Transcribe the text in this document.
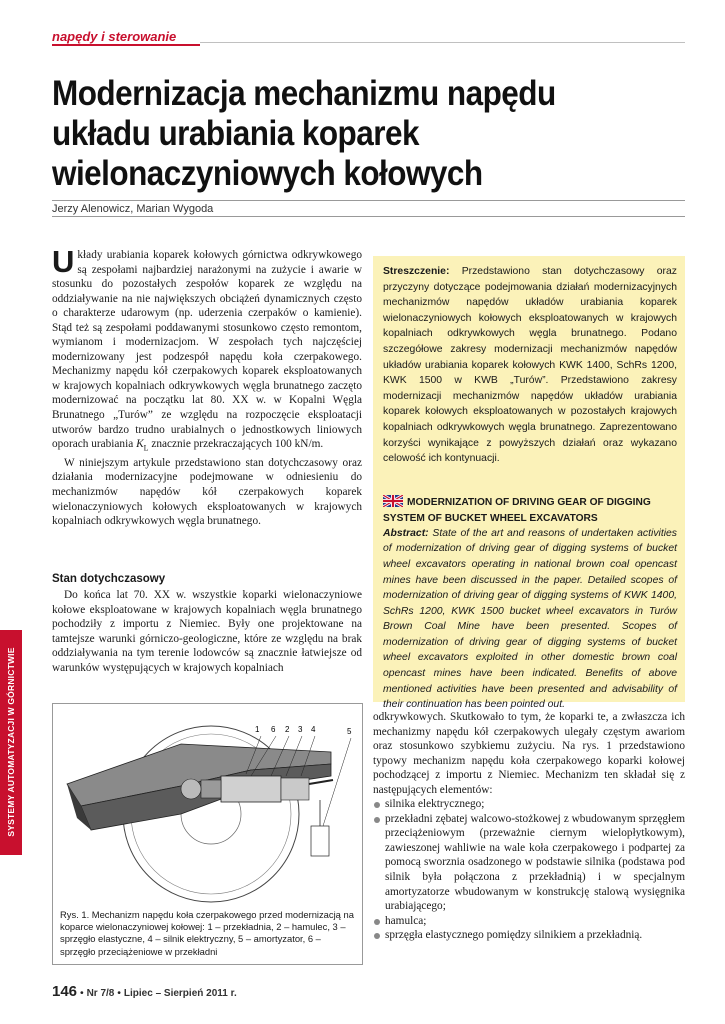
napędy i sterowanie
Modernizacja mechanizmu napędu
układu urabiania koparek
wielonaczyniowych kołowych
Jerzy Alenowicz, Marian Wygoda

Układy urabiania koparek kołowych górnictwa odkrywkowego są zespołami najbardziej narażonymi na zużycie i awarie w stosunku do pozostałych zespołów koparek ze względu na oddziaływanie na nie największych obciążeń dynamicznych często o charakterze udarowym (np. uderzenia czerpaków o kamienie). Stąd też są zespołami poddawanymi stosunkowo często remontom, wymianom i modernizacjom. W zespołach tych najczęściej modernizowany jest podzespół napędu koła czerpakowego. Mechanizmy napędu kół czerpakowych koparek eksploatowanych w krajowych kopalniach odkrywkowych węgla brunatnego zaczęto modernizować na początku lat 80. XX w. w Kopalni Węgla Brunatnego „Turów” ze względu na rozpoczęcie eksploatacji utworów bardzo trudno urabialnych o jednostkowych liniowych oporach urabiania $K_L$ znacznie przekraczających 100 kN/m.

W niniejszym artykule przedstawiono stan dotychczasowy oraz działania modernizacyjne podejmowane w odniesieniu do mechanizmów napędów kół czerpakowych koparek wielonaczyniowych kołowych eksploatowanych w krajowych kopalniach odkrywkowych węgla brunatnego.

Stan dotychczasowy

Do końca lat 70. XX w. wszystkie koparki wielonaczyniowe kołowe eksploatowane w krajowych kopalniach węgla brunatnego pochodziły z importu z Niemiec. Były one projektowane na tamtejsze warunki górniczo-geologiczne, które ze względu na brak oddziaływania na tym terenie lodowców są znacznie łatwiejsze od warunków występujących w krajowych kopalniach

Streszczenie: Przedstawiono stan dotychczasowy oraz przyczyny dotyczące podejmowania działań modernizacyjnych mechanizmów napędów układów urabiania koparek wielonaczyniowych kołowych eksploatowanych w krajowych kopalniach odkrywkowych węgla brunatnego. Podano szczegółowe zakresy modernizacji mechanizmów napędów układów urabiania koparek kołowych KWK 1400, SchRs 1200, KWK 1500 w KWB „Turów”. Przedstawiono zakresy modernizacji mechanizmów napędów układów urabiania koparek kołowych eksploatowanych w pozostałych krajowych kopalniach odkrywkowych węgla brunatnego. Zaprezentowano korzyści wynikające z powyższych działań oraz wykazano celowość ich kontynuacji.
MODERNIZATION OF DRIVING GEAR OF DIGGING
SYSTEM OF BUCKET WHEEL EXCAVATORS
Abstract: State of the art and reasons of undertaken activities of modernization of driving gear of digging systems of bucket wheel excavators operating in national brown coal opencast mines have been discussed in the paper. Detailed scopes of modernization of driving gear of digging systems of KWK 1400, SchRs 1200, KWK 1500 bucket wheel excavators in Turów Brown Coal Mine have been presented. Scopes of modernization of driving gear of digging systems of bucket wheel excavators exploited in other domestic brown coal opencast mines have been indicated. Benefits of above mentioned activities have been presented and advisability of their continuation has been pointed out.
SYSTEMY AUTOMATYZACJI W GÓRNICTWIE	1 6 2 3 4	5
Rys. 1. Mechanizm napędu koła czerpakowego przed modernizacją na koparce wielonaczyniowej kołowej: 1 – przekładnia, 2 – hamulec, 3 – sprzęgło elastyczne, 4 – silnik elektryczny, 5 – amortyzator, 6 – sprzęgło przeciążeniowe w przekładni

odkrywkowych. Skutkowało to tym, że koparki te, a zwłaszcza ich mechanizmy napędu kół czerpakowych ulegały częstym awariom oraz stosunkowo szybkiemu zużyciu. Na rys. 1 przedstawiono typowy mechanizm napędu koła czerpakowego koparki kołowej pochodzącej z importu z Niemiec. Mechanizm ten składał się z następujących elementów:

silnika elektrycznego;
przekładni zębatej walcowo-stożkowej z wbudowanym sprzęgłem przeciążeniowym (przeważnie ciernym wielopłytkowym), zawieszonej wahliwie na wale koła czerpakowego i podpartej za pomocą sworznia osadzonego w podstawie silnika (podstawa pod silnik była połączona z przekładnią) i w specjalnym amortyzatorze wbudowanym w konstrukcję stalową wysięgnika urabiającego;
hamulca;
sprzęgła elastycznego pomiędzy silnikiem a przekładnią.
146 • Nr 7/8 • Lipiec – Sierpień 2011 r.
